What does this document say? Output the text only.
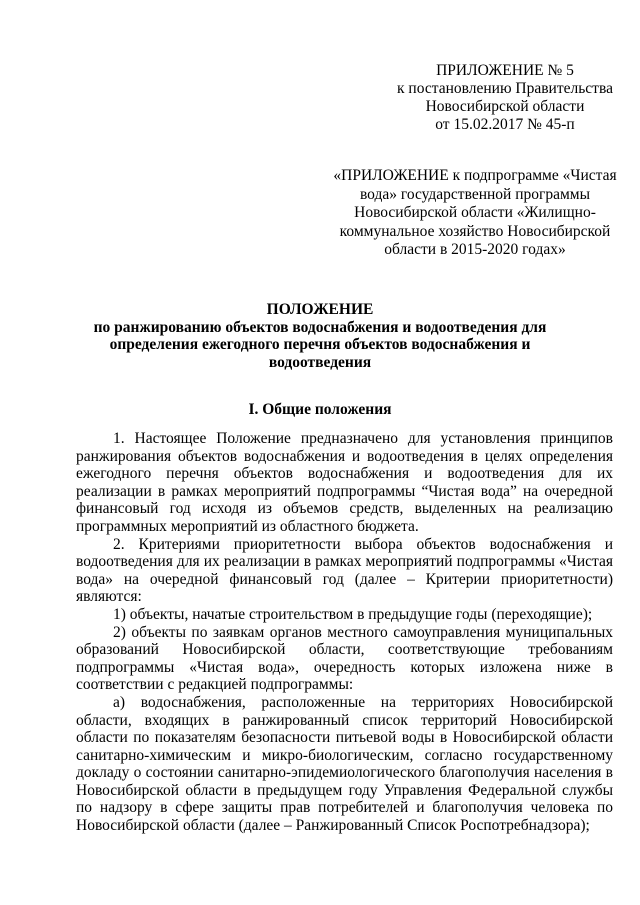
ПРИЛОЖЕНИЕ № 5
к постановлению Правительства
Новосибирской области
от 15.02.2017 № 45-п
«ПРИЛОЖЕНИЕ к подпрограмме «Чистая вода» государственной программы Новосибирской области «Жилищно-коммунальное хозяйство Новосибирской области в 2015-2020 годах»
ПОЛОЖЕНИЕ
по ранжированию объектов водоснабжения и водоотведения для определения ежегодного перечня объектов водоснабжения и водоотведения
I. Общие положения

1. Настоящее Положение предназначено для установления принципов ранжирования объектов водоснабжения и водоотведения в целях определения ежегодного перечня объектов водоснабжения и водоотведения для их реализации в рамках мероприятий подпрограммы “Чистая вода” на очередной финансовый год исходя из объемов средств, выделенных на реализацию программных мероприятий из областного бюджета.

2. Критериями приоритетности выбора объектов водоснабжения и водоотведения для их реализации в рамках мероприятий подпрограммы «Чистая вода» на очередной финансовый год (далее – Критерии приоритетности) являются:

1) объекты, начатые строительством в предыдущие годы (переходящие);

2) объекты по заявкам органов местного самоуправления муниципальных образований Новосибирской области, соответствующие требованиям подпрограммы «Чистая вода», очередность которых изложена ниже в соответствии с редакцией подпрограммы:

а) водоснабжения, расположенные на территориях Новосибирской области, входящих в ранжированный список территорий Новосибирской области по показателям безопасности питьевой воды в Новосибирской области санитарно-химическим и микро-биологическим, согласно государственному докладу о состоянии санитарно-эпидемиологического благополучия населения в Новосибирской области в предыдущем году Управления Федеральной службы по надзору в сфере защиты прав потребителей и благополучия человека по Новосибирской области (далее – Ранжированный Список Роспотребнадзора);
